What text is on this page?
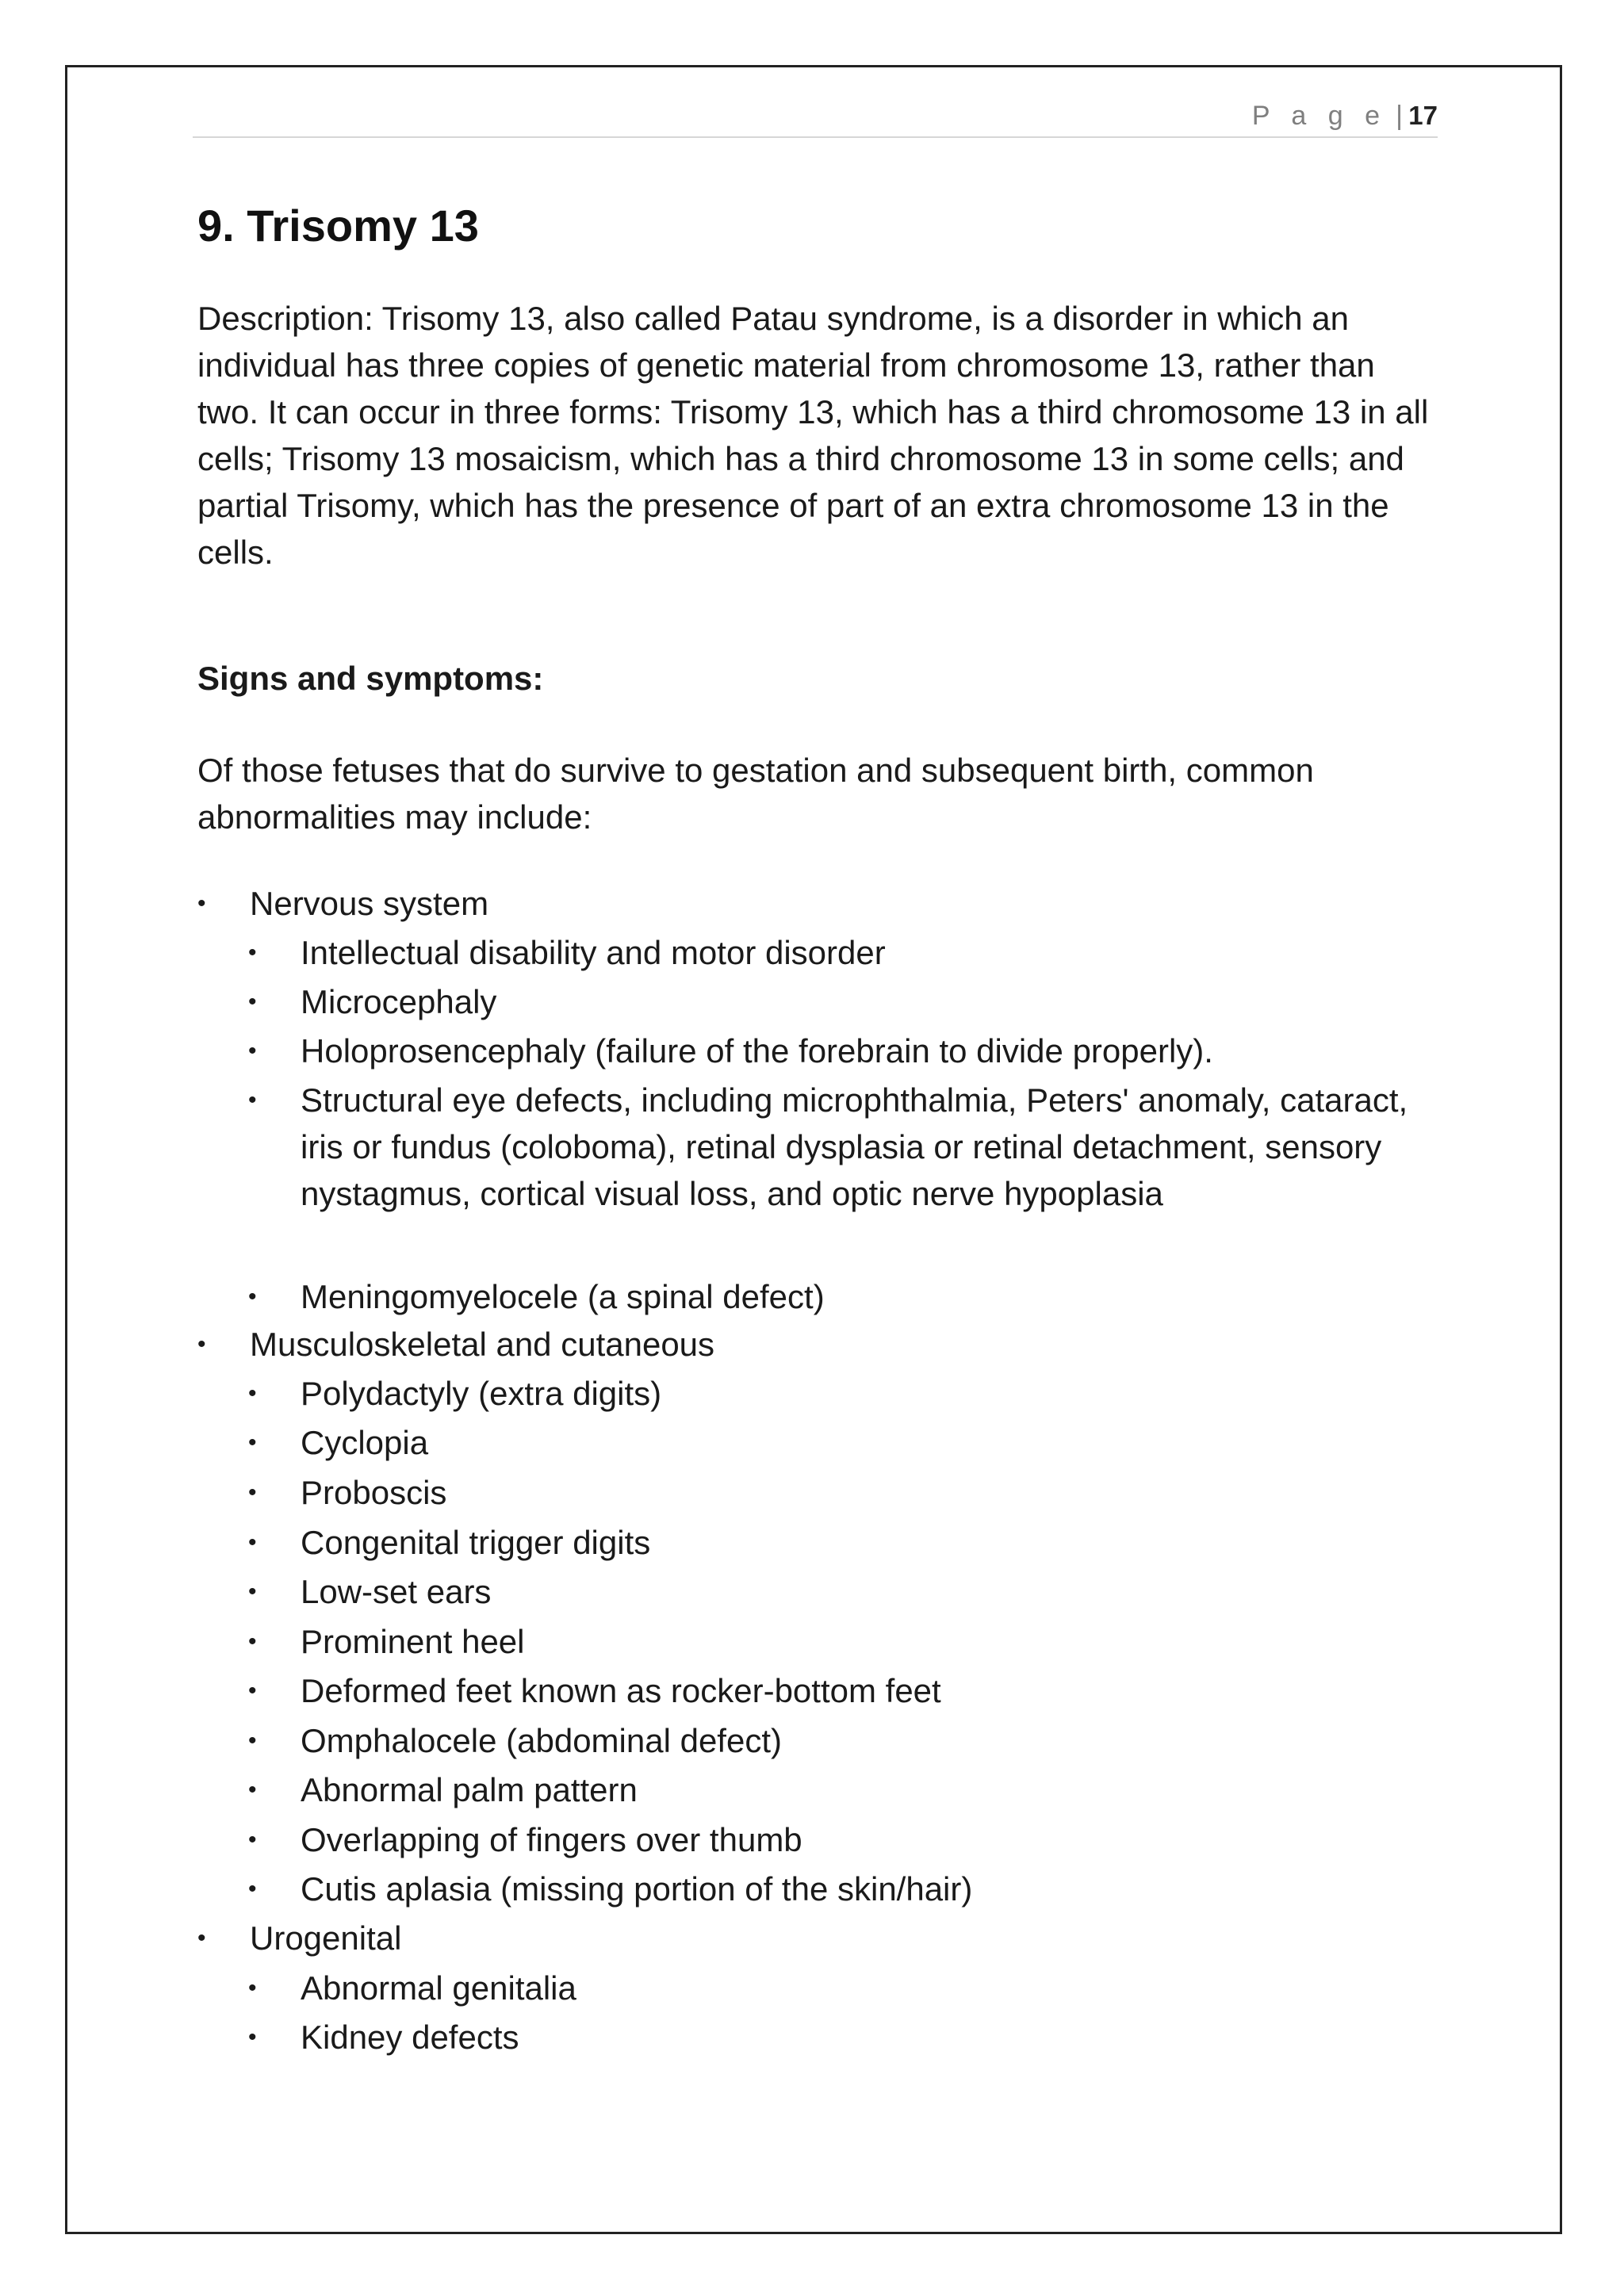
P a g e | 17
9. Trisomy 13

Description: Trisomy 13, also called Patau syndrome, is a disorder in which an individual has three copies of genetic material from chromosome 13, rather than two. It can occur in three forms: Trisomy 13, which has a third chromosome 13 in all cells; Trisomy 13 mosaicism, which has a third chromosome 13 in some cells; and partial Trisomy, which has the presence of part of an extra chromosome 13 in the cells.

Signs and symptoms:

Of those fetuses that do survive to gestation and subsequent birth, common abnormalities may include:

• Nervous system
• Intellectual disability and motor disorder
• Microcephaly
• Holoprosencephaly (failure of the forebrain to divide properly).
• Structural eye defects, including microphthalmia, Peters' anomaly, cataract, iris or fundus (coloboma), retinal dysplasia or retinal detachment, sensory nystagmus, cortical visual loss, and optic nerve hypoplasia
• Meningomyelocele (a spinal defect)
• Musculoskeletal and cutaneous
• Polydactyly (extra digits)
• Cyclopia
• Proboscis
• Congenital trigger digits
• Low-set ears
• Prominent heel
• Deformed feet known as rocker-bottom feet
• Omphalocele (abdominal defect)
• Abnormal palm pattern
• Overlapping of fingers over thumb
• Cutis aplasia (missing portion of the skin/hair)
• Urogenital
• Abnormal genitalia
• Kidney defects
